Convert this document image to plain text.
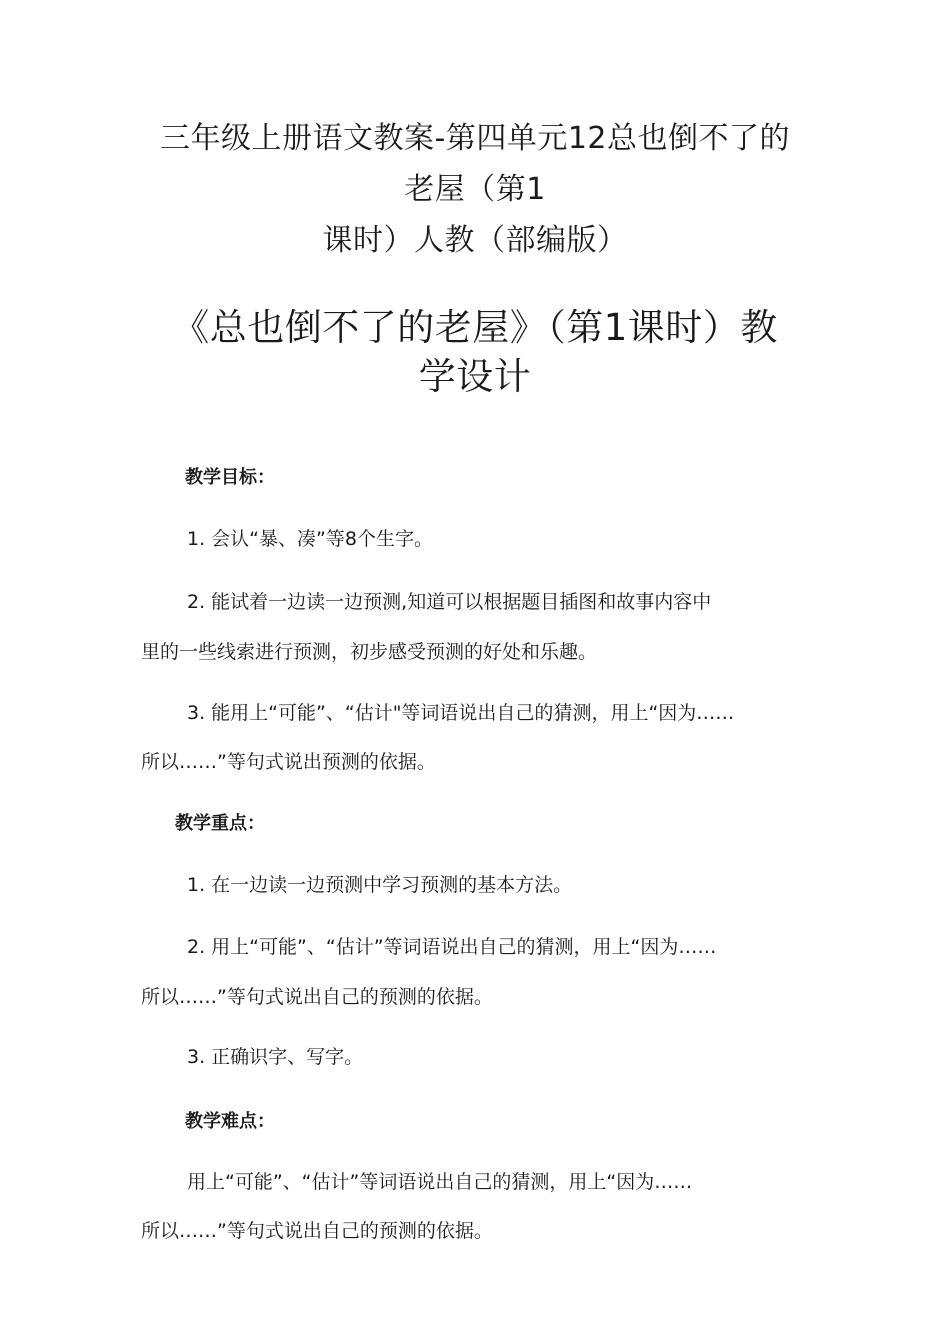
三年级上册语文教案-第四单元12总也倒不了的
老屋（第1
课时）人教（部编版）
《总也倒不了的老屋》（第1课时）教
学设计
教学目标：
1. 会认“暴、凑”等8个生字。
2. 能试着一边读一边预测,知道可以根据题目插图和故事内容中
里的一些线索进行预测，初步感受预测的好处和乐趣。
3. 能用上“可能”、“估计"等词语说出自己的猜测，用上“因为……
所以……”等句式说出预测的依据。
教学重点：
1. 在一边读一边预测中学习预测的基本方法。
2. 用上“可能”、“估计”等词语说出自己的猜测，用上“因为……
所以……”等句式说出自己的预测的依据。
3. 正确识字、写字。
教学难点：
用上“可能”、“估计”等词语说出自己的猜测，用上“因为……
所以……”等句式说出自己的预测的依据。
